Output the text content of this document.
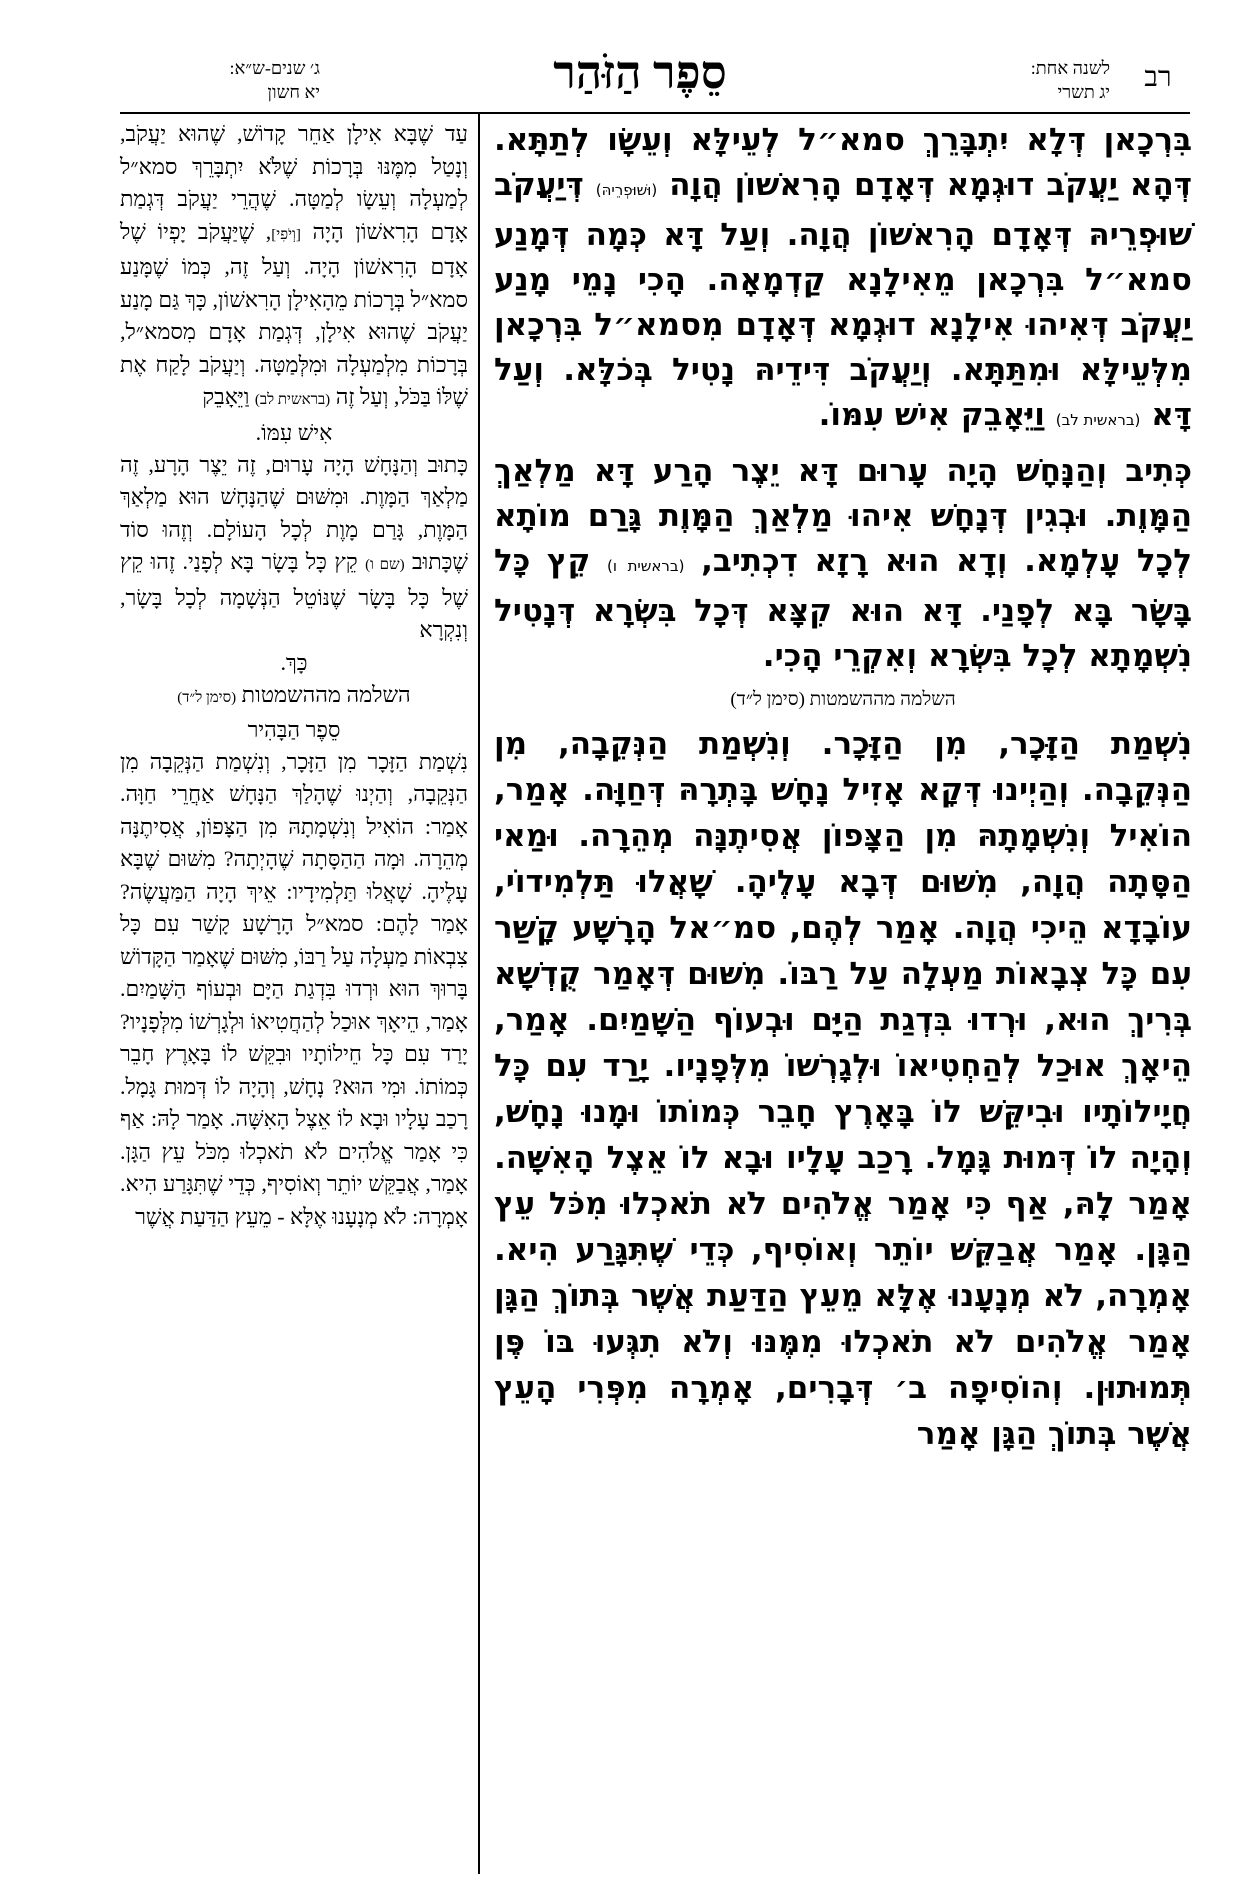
רב
לשנה אחת:
יג תשרי
סֵפֶר הַזֹּהַר
ג׳ שנים-ש״א:
יא חשון

בִּרְכָאן דְּלָא יִתְבָּרֵךְ סמא״ל לְעֵילָּא וְעֵשָׂו לְתַתָּא. דְּהָא יַעֲקֹב דוּגְמָא דְּאָדָם הָרִאשׁוֹן הֲוָה (וּשׁוּפְרֵיהּ) דְּיַעֲקֹב שׁוּפְרֵיהּ דְּאָדָם הָרִאשׁוֹן הֲוָה. וְעַל דָּא כְּמָה דְּמָנַע סמא״ל בִּרְכָאן מֵאִילָנָא קַדְמָאָה. הָכִי נָמֵי מָנַע יַעֲקֹב דְּאִיהוּ אִילָנָא דוּגְמָא דְּאָדָם מִסמא״ל בִּרְכָאן מִלְּעֵילָּא וּמִתַּתָּא. וְיַעֲקֹב דִּידֵיהּ נָטִיל בְּכֹלָּא. וְעַל דָּא (בראשית לב) וַיֵּאָבֵק אִישׁ עִמּוֹ.

כְּתִיב וְהַנָּחָשׁ הָיָה עָרוּם דָּא יֵצֶר הָרַע דָּא מַלְאַךְ הַמָּוֶת. וּבְגִין דְּנָחָשׁ אִיהוּ מַלְאַךְ הַמָּוֶת גָּרַם מוֹתָא לְכָל עָלְמָא. וְדָא הוּא רָזָא דִכְתִיב, (בראשית ו) קֵץ כָּל בָּשָׂר בָּא לְפָנַי. דָּא הוּא קִצָּא דְּכָל בִּשְׂרָא דְּנָטִיל נִשְׁמָתָא לְכָל בִּשְׂרָא וְאִקְרֵי הָכִי.

השלמה מההשמטות (סימן ל״ד)

נִשְׁמַת הַזָּכָר, מִן הַזָּכָר. וְנִשְׁמַת הַנְּקֵבָה, מִן הַנְּקֵבָה. וְהַיְינוּ דְּקָא אָזִיל נָחָשׁ בָּתְרָהּ דְּחַוָּה. אָמַר, הוֹאִיל וְנִשְׁמָתָהּ מִן הַצָּפוֹן אֲסִיתֶנָּה מְהֵרָה. וּמַאי הַסָּתָה הֲוָה, מִשּׁוּם דְּבָא עָלֶיהָ. שָׁאֲלוּ תַּלְמִידוֹי, עוֹבָדָא הֵיכִי הֲוָה. אָמַר לְהֶם, סמ״אל הָרָשָׁע קָשַׁר עִם כָּל צְבָאוֹת מַעְלָה עַל רַבּוֹ. מִשּׁוּם דְּאָמַר קֻדְשָׁא בְּרִיךְ הוּא, וּרְדוּ בִּדְגַת הַיָּם וּבְעוֹף הַשָּׁמַיִם. אָמַר, הֵיאָךְ אוּכַל לְהַחְטִיאוֹ וּלְגָרְשׁוֹ מִלְּפָנָיו. יָרַד עִם כָּל חֲיָילוֹתָיו וּבִיקֵּשׁ לוֹ בָּאָרֶץ חָבֵר כְּמוֹתוֹ וּמָנוּ נָחָשׁ, וְהָיָה לוֹ דְּמוּת גָּמָל. רָכַב עָלָיו וּבָא לוֹ אֵצֶל הָאִשָּׁה. אָמַר לָהּ, אַף כִּי אָמַר אֱלֹהִים לֹא תֹאכְלוּ מִכֹּל עֵץ הַגָּן. אָמַר אֲבַקֵּשׁ יוֹתֵר וְאוֹסִיף, כְּדֵי שֶׁתִּגָּרַע הִיא. אָמְרָה, לֹא מְנָעָנוּ אֶלָּא מֵעֵץ הַדַּעַת אֲשֶׁר בְּתוֹךְ הַגָּן אָמַר אֱלֹהִים לֹא תֹאכְלוּ מִמֶּנּוּ וְלֹא תִגְּעוּ בּוֹ פֶּן תְּמוּתוּן. וְהוֹסִיפָה ב׳ דְּבָרִים, אָמְרָה מִפְּרִי הָעֵץ אֲשֶׁר בְּתוֹךְ הַגָּן אָמַר

עַד שֶׁבָּא אִילָן אַחֵר קָדוֹשׁ, שֶׁהוּא יַעֲקֹב, וְנָטַל מִמֶּנּוּ בְּרָכוֹת שֶׁלֹּא יִתְבָּרֵךְ סמא״ל לְמַעְלָה וְעֵשָׂו לְמַטָּה. שֶׁהֲרֵי יַעֲקֹב דְּגְמַת אָדָם הָרִאשׁוֹן הָיָה [וְיֹפִי], שֶׁיַּעֲקֹב יָפְיוֹ שֶׁל אָדָם הָרִאשׁוֹן הָיָה. וְעַל זֶה, כְּמוֹ שֶׁמָּנַע סמא״ל בְּרָכוֹת מֵהָאִילָן הָרִאשׁוֹן, כָּךְ גַּם מָנַע יַעֲקֹב שֶׁהוּא אִילָן, דְּגְמַת אָדָם מִסמא״ל, בְּרָכוֹת מִלְמַעְלָה וּמִלְּמַטָּה. וְיַעֲקֹב לָקַח אֶת שֶׁלּוֹ בַּכֹּל, וְעַל זֶה (בראשית לב) וַיֵּאָבֵק

אִישׁ עִמּוֹ.

כָּתוּב וְהַנָּחָשׁ הָיָה עָרוּם, זֶה יֵצֶר הָרָע, זֶה מַלְאַךְ הַמָּוֶת. וּמִשּׁוּם שֶׁהַנָּחָשׁ הוּא מַלְאַךְ הַמָּוֶת, גָּרַם מָוֶת לְכָל הָעוֹלָם. וְזֶהוּ סוֹד שֶׁכָּתוּב (שם ו) קֵץ כָּל בָּשָׂר בָּא לְפָנַי. זֶהוּ קֵץ שֶׁל כָּל בָּשָׂר שֶׁנּוֹטֵל הַנְּשָׁמָה לְכָל בָּשָׂר, וְנִקְרָא

כָּךְ.

השלמה מההשמטות (סימן ל״ד)

סֵפֶר הַבָּהִיר

נִשְׁמַת הַזָּכָר מִן הַזָּכָר, וְנִשְׁמַת הַנְּקֵבָה מִן הַנְּקֵבָה, וְהַיְנוּ שֶׁהָלַךְ הַנָּחָשׁ אַחֲרֵי חַוָּה. אָמַר: הוֹאִיל וְנִשְׁמָתָהּ מִן הַצָּפוֹן, אֲסִיתֶנָּה מְהֵרָה. וּמָה הַהַסָּתָה שֶׁהָיְתָה? מִשּׁוּם שֶׁבָּא עָלֶיהָ. שָׁאֲלוּ תַּלְמִידָיו: אֵיךְ הָיָה הַמַּעֲשֶׂה? אָמַר לָהֶם: סמא״ל הָרָשָׁע קָשַׁר עִם כָּל צִבְאוֹת מַעְלָה עַל רַבּוֹ, מִשּׁוּם שֶׁאָמַר הַקָּדוֹשׁ בָּרוּךְ הוּא וּרְדוּ בִּדְגַת הַיָּם וּבְעוֹף הַשָּׁמַיִם. אָמַר, הֵיאָךְ אוּכַל לְהַחֲטִיאוֹ וּלְגָרְשׁוֹ מִלְּפָנָיו? יָרַד עִם כָּל חֵילוֹתָיו וּבִקֵּשׁ לוֹ בָּאָרֶץ חָבֵר כְּמוֹתוֹ. וּמִי הוּא? נָחָשׁ, וְהָיָה לוֹ דְּמוּת גָּמָל. רָכַב עָלָיו וּבָא לוֹ אֵצֶל הָאִשָּׁה. אָמַר לָהּ: אַף כִּי אָמַר אֱלֹהִים לֹא תֹאכְלוּ מִכֹּל עֵץ הַגָּן. אָמַר, אֲבַקֵּשׁ יוֹתֵר וְאוֹסִיף, כְּדֵי שֶׁתִּגָּרַע הִיא. אָמְרָה: לֹא מְנָעָנוּ אֶלָּא - מֵעֵץ הַדַּעַת אֲשֶׁר
